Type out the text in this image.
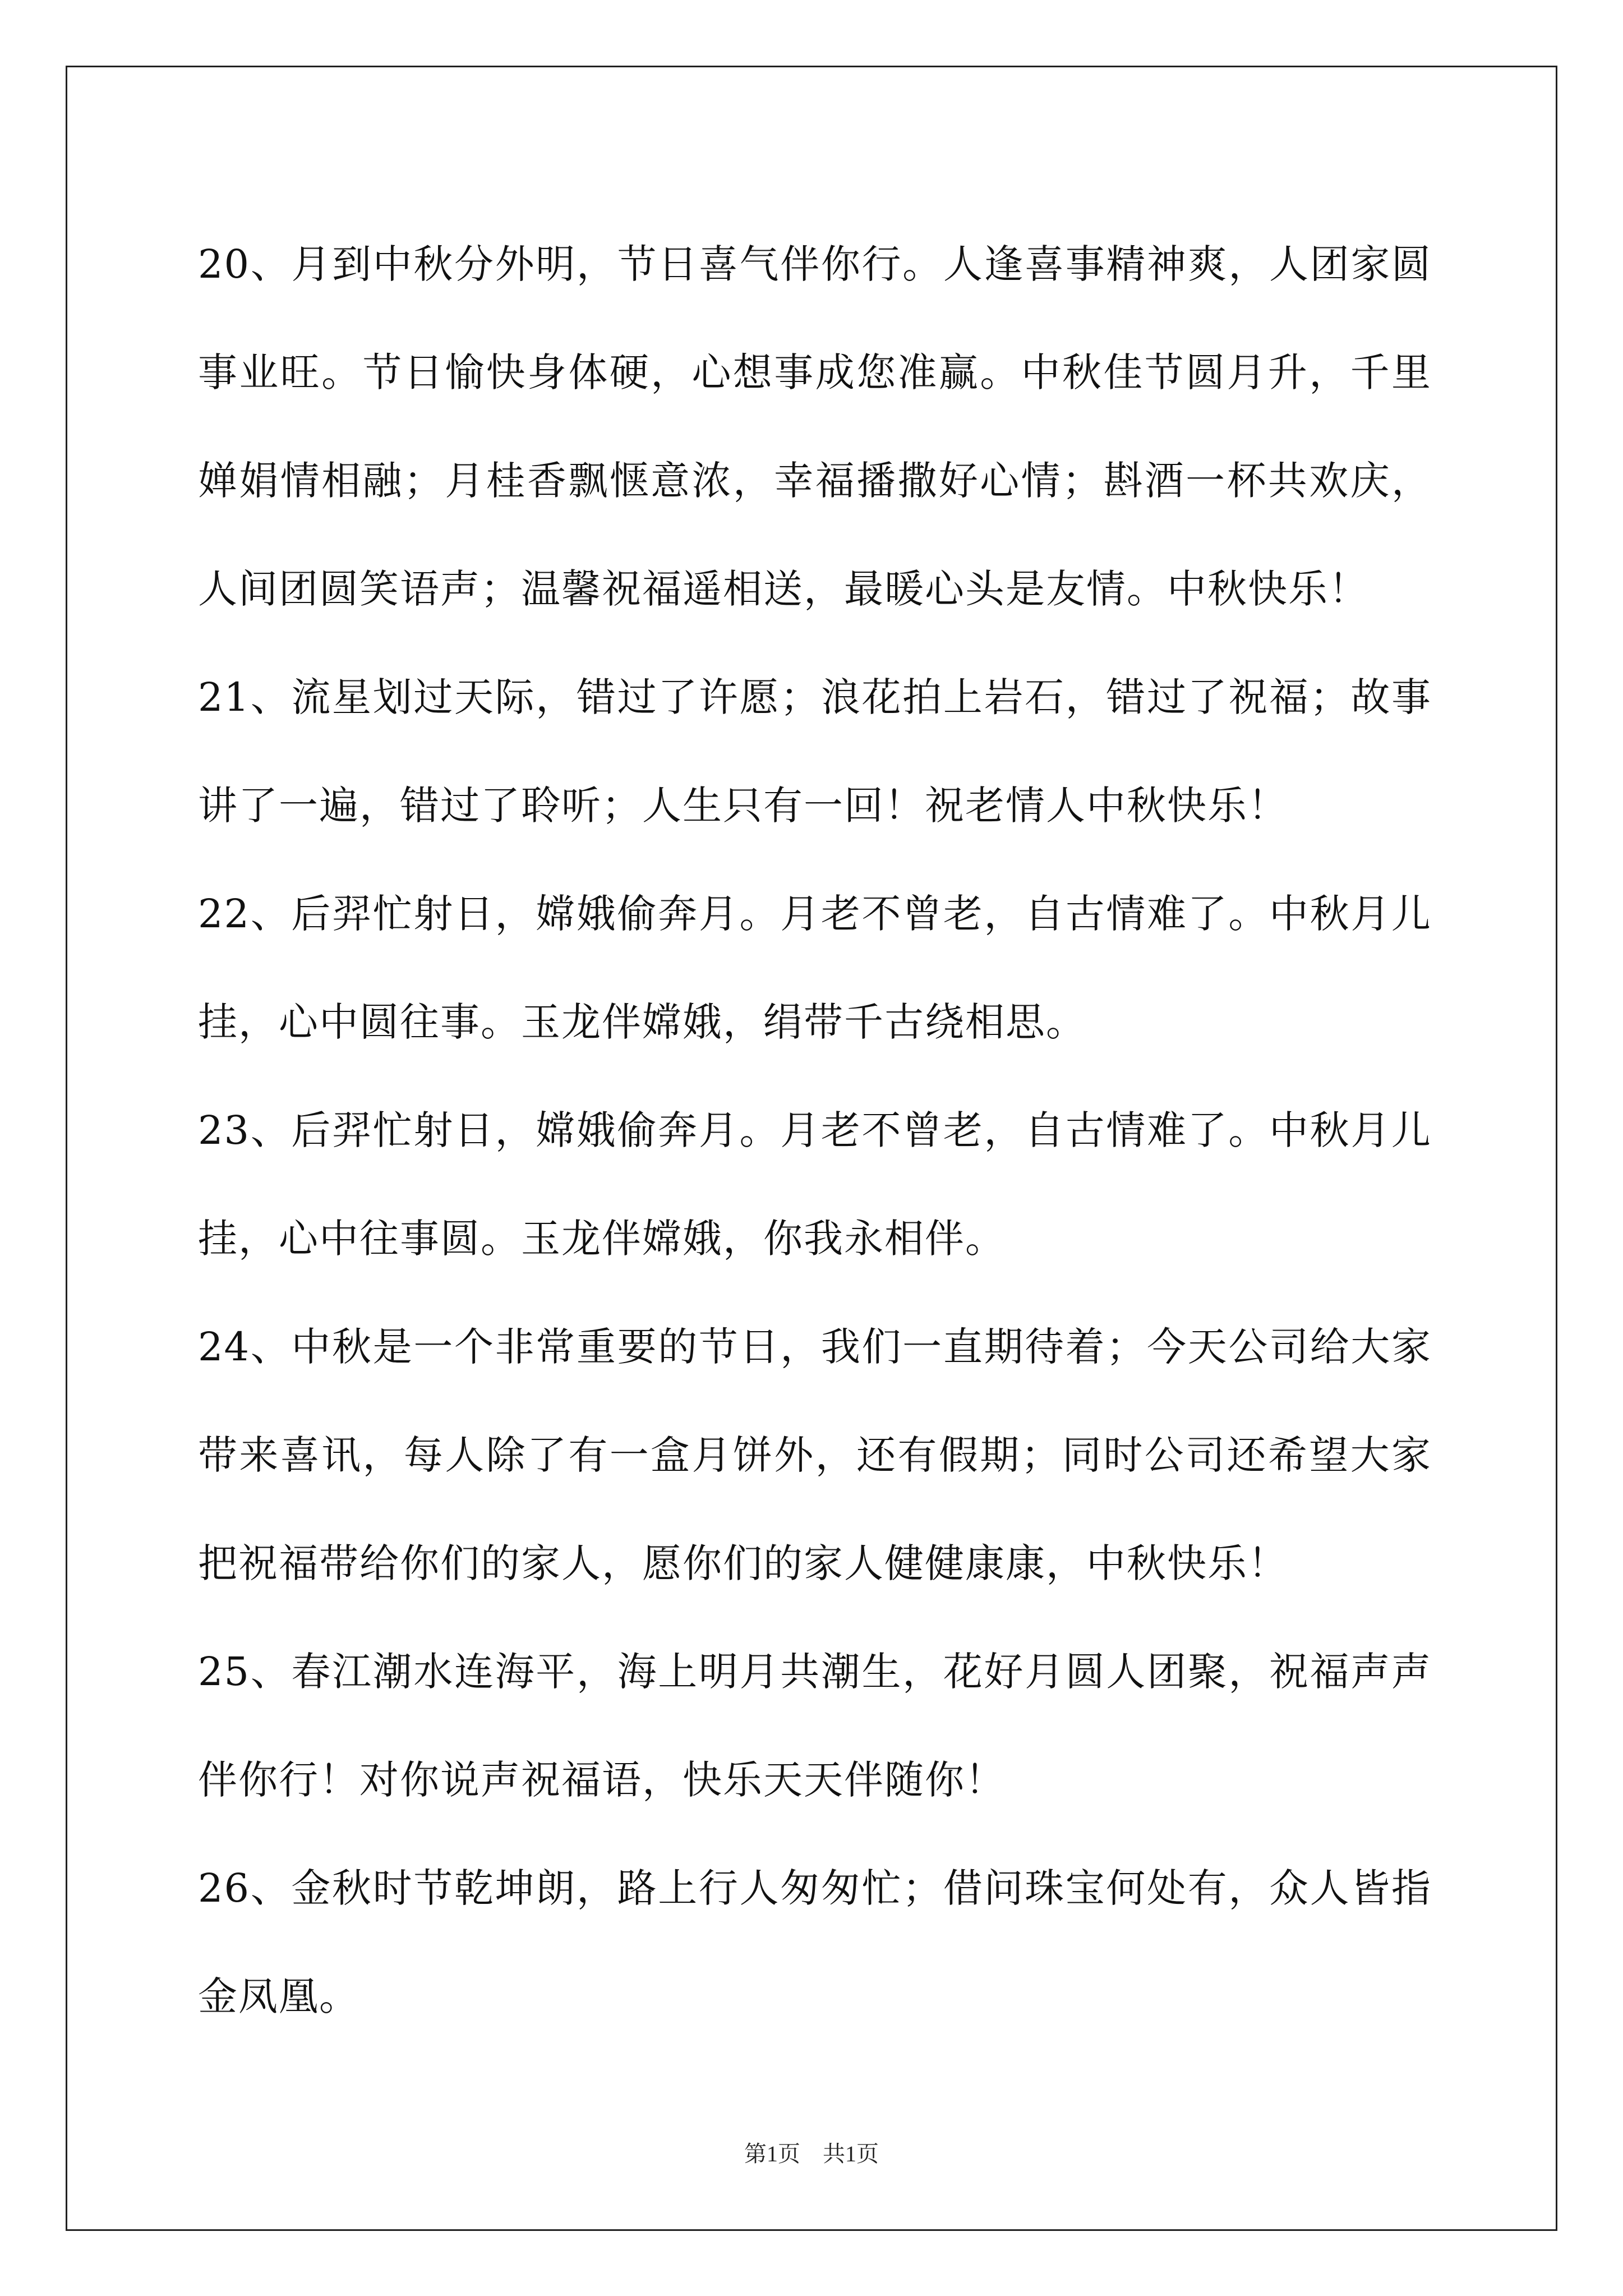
20、月到中秋分外明，节日喜气伴你行。人逢喜事精神爽，人团家圆事业旺。节日愉快身体硬，心想事成您准赢。中秋佳节圆月升，千里婵娟情相融；月桂香飘惬意浓，幸福播撒好心情；斟酒一杯共欢庆，人间团圆笑语声；温馨祝福遥相送，最暖心头是友情。中秋快乐！

21、流星划过天际，错过了许愿；浪花拍上岩石，错过了祝福；故事讲了一遍，错过了聆听；人生只有一回！祝老情人中秋快乐！

22、后羿忙射日，嫦娥偷奔月。月老不曾老，自古情难了。中秋月儿挂，心中圆往事。玉龙伴嫦娥，绢带千古绕相思。

23、后羿忙射日，嫦娥偷奔月。月老不曾老，自古情难了。中秋月儿挂，心中往事圆。玉龙伴嫦娥，你我永相伴。

24、中秋是一个非常重要的节日，我们一直期待着；今天公司给大家带来喜讯，每人除了有一盒月饼外，还有假期；同时公司还希望大家把祝福带给你们的家人，愿你们的家人健健康康，中秋快乐！

25、春江潮水连海平，海上明月共潮生，花好月圆人团聚，祝福声声伴你行！对你说声祝福语，快乐天天伴随你！

26、金秋时节乾坤朗，路上行人匆匆忙；借问珠宝何处有，众人皆指金凤凰。

第1页 共1页
